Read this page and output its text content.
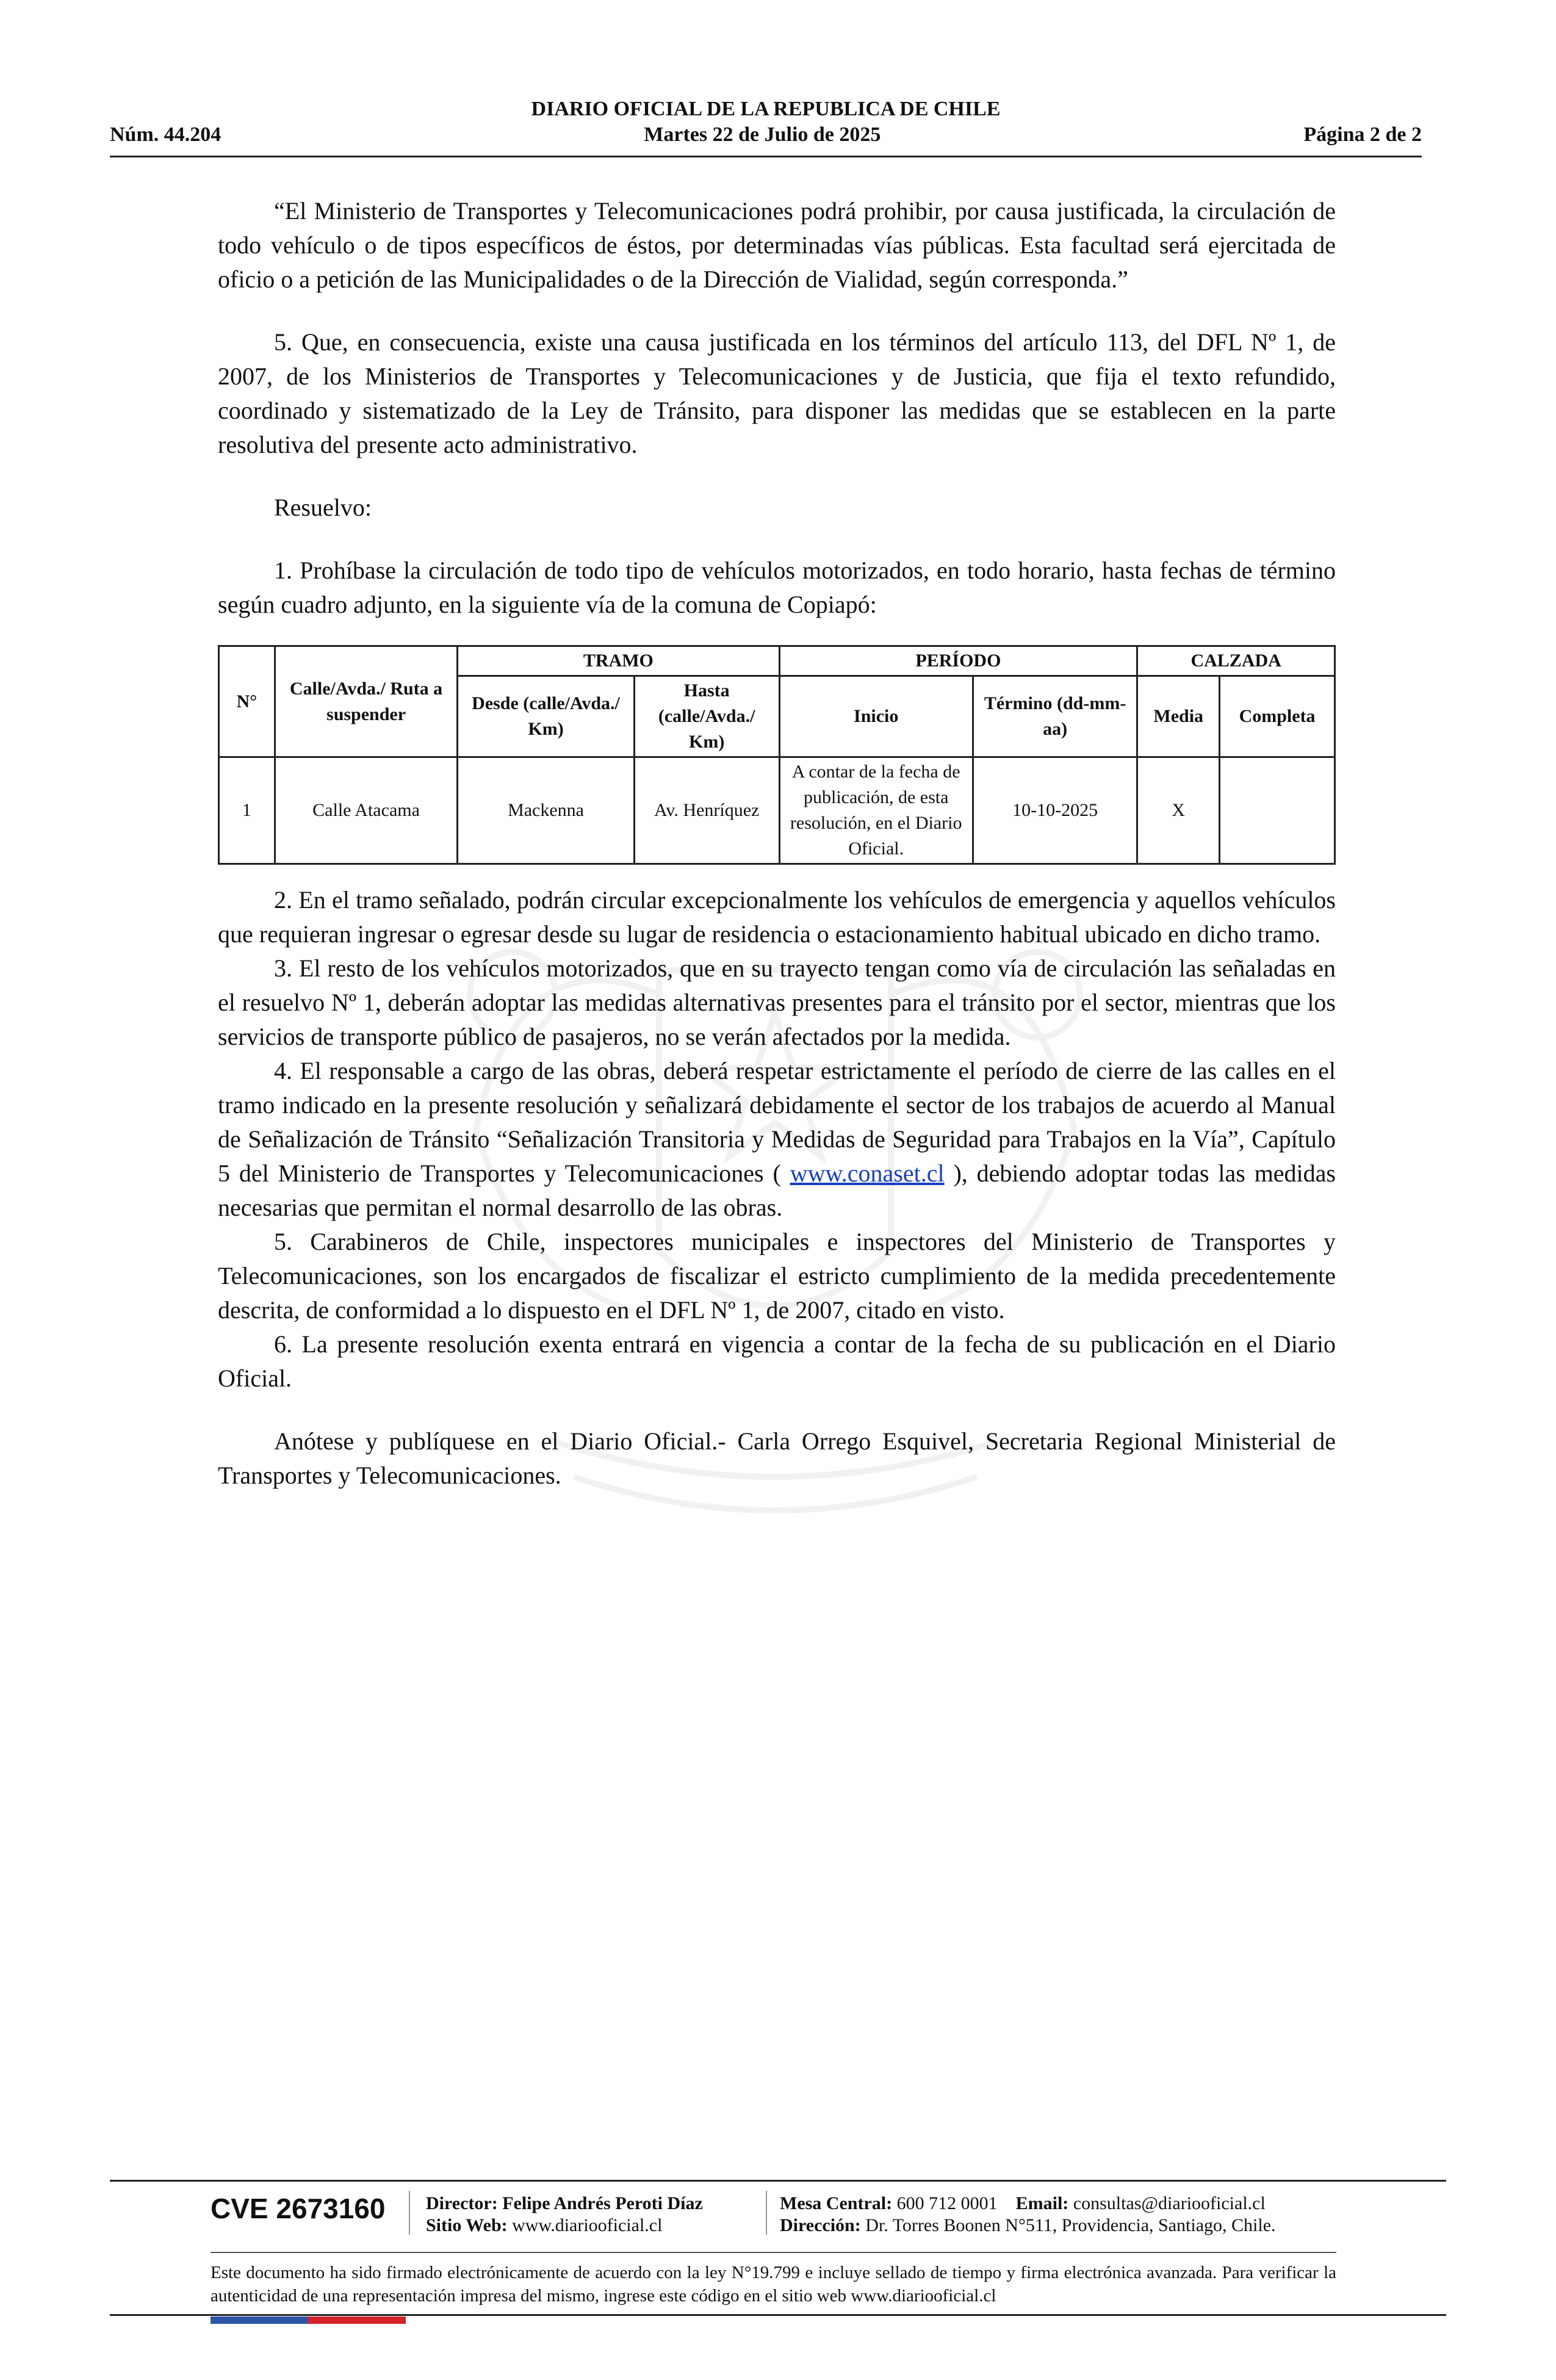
DIARIO OFICIAL DE LA REPUBLICA DE CHILE
Núm. 44.204	Martes 22 de Julio de 2025	Página 2 de 2

“El Ministerio de Transportes y Telecomunicaciones podrá prohibir, por causa justificada, la circulación de todo vehículo o de tipos específicos de éstos, por determinadas vías públicas. Esta facultad será ejercitada de oficio o a petición de las Municipalidades o de la Dirección de Vialidad, según corresponda.”

5. Que, en consecuencia, existe una causa justificada en los términos del artículo 113, del DFL Nº 1, de 2007, de los Ministerios de Transportes y Telecomunicaciones y de Justicia, que fija el texto refundido, coordinado y sistematizado de la Ley de Tránsito, para disponer las medidas que se establecen en la parte resolutiva del presente acto administrativo.

Resuelvo:

1. Prohíbase la circulación de todo tipo de vehículos motorizados, en todo horario, hasta fechas de término según cuadro adjunto, en la siguiente vía de la comuna de Copiapó:

N°	Calle/Avda./ Ruta a suspender	TRAMO		PERÍODO		CALZADA	
		Desde (calle/Avda./ Km)	Hasta (calle/Avda./ Km)	Inicio	Término (dd-mm-aa)	Media	Completa
1	Calle Atacama	Mackenna	Av. Henríquez	A contar de la fecha de publicación, de esta resolución, en el Diario Oficial.	10-10-2025	X	

2. En el tramo señalado, podrán circular excepcionalmente los vehículos de emergencia y aquellos vehículos que requieran ingresar o egresar desde su lugar de residencia o estacionamiento habitual ubicado en dicho tramo.

3. El resto de los vehículos motorizados, que en su trayecto tengan como vía de circulación las señaladas en el resuelvo Nº 1, deberán adoptar las medidas alternativas presentes para el tránsito por el sector, mientras que los servicios de transporte público de pasajeros, no se verán afectados por la medida.

4. El responsable a cargo de las obras, deberá respetar estrictamente el período de cierre de las calles en el tramo indicado en la presente resolución y señalizará debidamente el sector de los trabajos de acuerdo al Manual de Señalización de Tránsito “Señalización Transitoria y Medidas de Seguridad para Trabajos en la Vía”, Capítulo 5 del Ministerio de Transportes y Telecomunicaciones ( www.conaset.cl ), debiendo adoptar todas las medidas necesarias que permitan el normal desarrollo de las obras.

5. Carabineros de Chile, inspectores municipales e inspectores del Ministerio de Transportes y Telecomunicaciones, son los encargados de fiscalizar el estricto cumplimiento de la medida precedentemente descrita, de conformidad a lo dispuesto en el DFL Nº 1, de 2007, citado en visto.

6. La presente resolución exenta entrará en vigencia a contar de la fecha de su publicación en el Diario Oficial.

Anótese y publíquese en el Diario Oficial.- Carla Orrego Esquivel, Secretaria Regional Ministerial de Transportes y Telecomunicaciones.

CVE 2673160 Director: Felipe Andrés Peroti Díaz
Sitio Web: www.diariooficial.cl
Mesa Central: 600 712 0001 Email: consultas@diariooficial.cl
Dirección: Dr. Torres Boonen N°511, Providencia, Santiago, Chile.
Este documento ha sido firmado electrónicamente de acuerdo con la ley N°19.799 e incluye sellado de tiempo y firma electrónica avanzada. Para verificar la autenticidad de una representación impresa del mismo, ingrese este código en el sitio web www.diariooficial.cl
